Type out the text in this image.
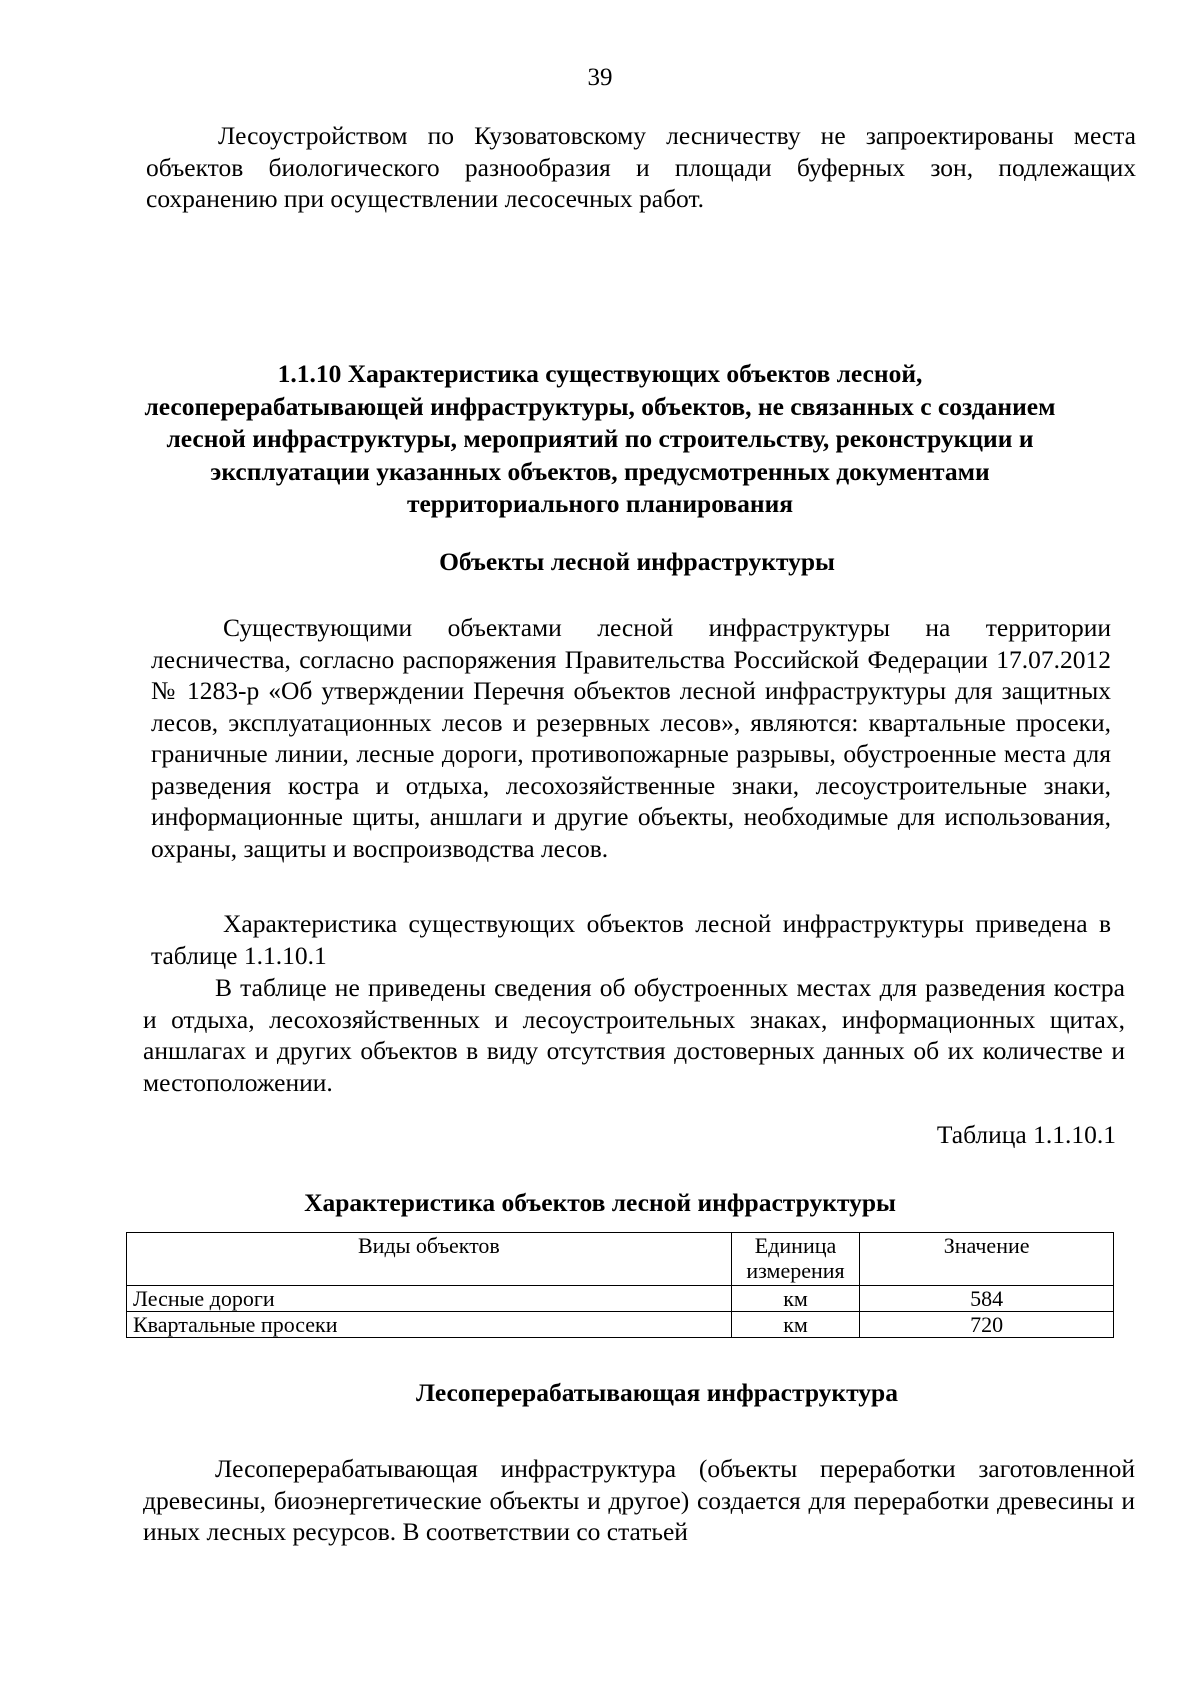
39

Лесоустройством по Кузоватовскому лесничеству не запроектированы места объектов биологического разнообразия и площади буферных зон, подлежащих сохранению при осуществлении лесосечных работ.

1.1.10 Характеристика существующих объектов лесной,
лесоперерабатывающей инфраструктуры, объектов, не связанных с созданием
лесной инфраструктуры, мероприятий по строительству, реконструкции и
эксплуатации указанных объектов, предусмотренных документами
территориального планирования
Объекты лесной инфраструктуры

Существующими объектами лесной инфраструктуры на территории лесничества, согласно распоряжения Правительства Российской Федерации 17.07.2012 № 1283-р «Об утверждении Перечня объектов лесной инфраструктуры для защитных лесов, эксплуатационных лесов и резервных лесов», являются: квартальные просеки, граничные линии, лесные дороги, противопожарные разрывы, обустроенные места для разведения костра и отдыха, лесохозяйственные знаки, лесоустроительные знаки, информационные щиты, аншлаги и другие объекты, необходимые для использования, охраны, защиты и воспроизводства лесов.

Характеристика существующих объектов лесной инфраструктуры приведена в таблице 1.1.10.1

В таблице не приведены сведения об обустроенных местах для разведения костра и отдыха, лесохозяйственных и лесоустроительных знаках, информационных щитах, аншлагах и других объектов в виду отсутствия достоверных данных об их количестве и местоположении.

Таблица 1.1.10.1
Характеристика объектов лесной инфраструктуры
Виды объектов	Единица измерения	Значение
Лесные дороги	км	584
Квартальные просеки	км	720
Лесоперерабатывающая инфраструктура

Лесоперерабатывающая инфраструктура (объекты переработки заготовленной древесины, биоэнергетические объекты и другое) создается для переработки древесины и иных лесных ресурсов. В соответствии со статьей
